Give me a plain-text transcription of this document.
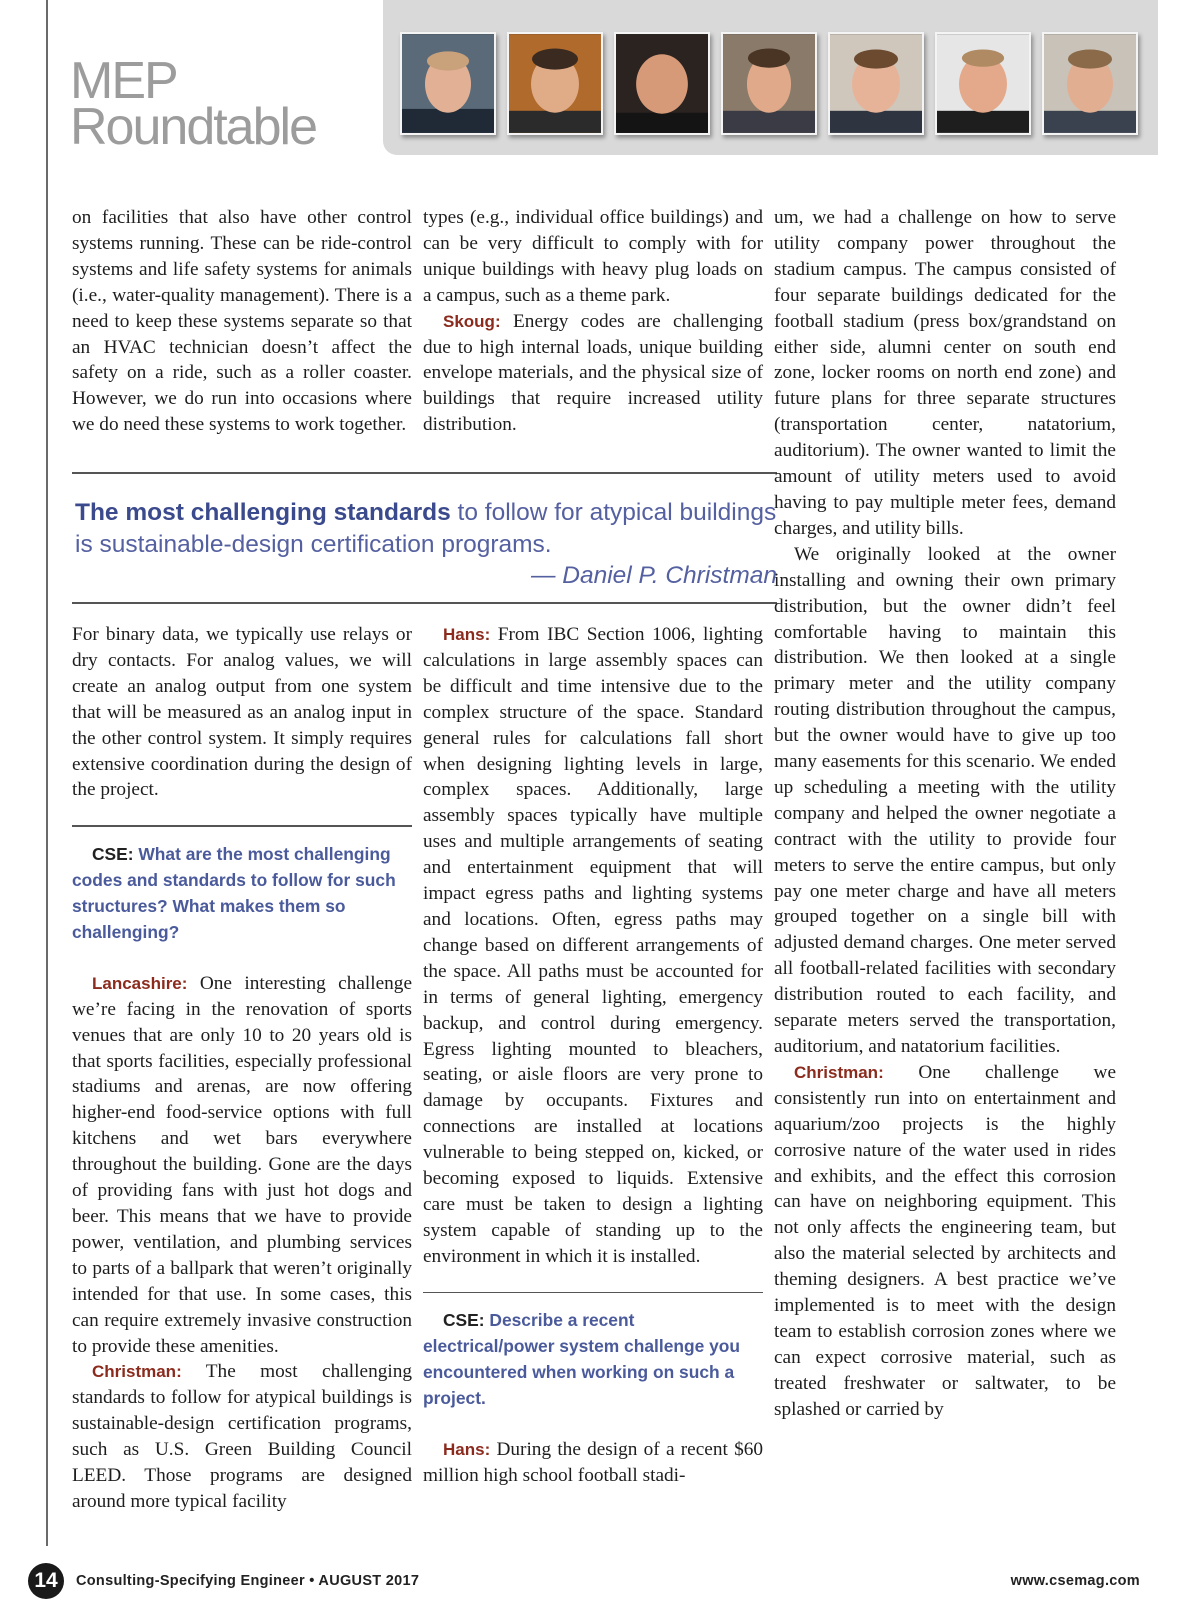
MEP
Roundtable

on facilities that also have other control systems running. These can be ride-control systems and life safety systems for animals (i.e., water-quality management). There is a need to keep these systems separate so that an HVAC technician doesn’t affect the safety on a ride, such as a roller coaster. However, we do run into occasions where we do need these systems to work together.

types (e.g., individual office buildings) and can be very difficult to comply with for unique buildings with heavy plug loads on a campus, such as a theme park.

Skoug: Energy codes are challenging due to high internal loads, unique building envelope materials, and the physical size of buildings that require increased utility distribution.

The most challenging standards to follow for atypical buildings is sustainable-design certification programs.
— Daniel P. Christman

For binary data, we typically use relays or dry contacts. For analog values, we will create an analog output from one system that will be measured as an analog input in the other control system. It simply requires extensive coordination during the design of the project.

CSE: What are the most challenging codes and standards to follow for such structures? What makes them so challenging?

Lancashire: One interesting challenge we’re facing in the renovation of sports venues that are only 10 to 20 years old is that sports facilities, especially professional stadiums and arenas, are now offering higher-end food-service options with full kitchens and wet bars everywhere throughout the building. Gone are the days of providing fans with just hot dogs and beer. This means that we have to provide power, ventilation, and plumbing services to parts of a ballpark that weren’t originally intended for that use. In some cases, this can require extremely invasive construction to provide these amenities.

Christman: The most challenging standards to follow for atypical buildings is sustainable-design certification programs, such as U.S. Green Building Council LEED. Those programs are designed around more typical facility

Hans: From IBC Section 1006, lighting calculations in large assembly spaces can be difficult and time intensive due to the complex structure of the space. Standard general rules for calculations fall short when designing lighting levels in large, complex spaces. Additionally, large assembly spaces typically have multiple uses and multiple arrangements of seating and entertainment equipment that will impact egress paths and lighting systems and locations. Often, egress paths may change based on different arrangements of the space. All paths must be accounted for in terms of general lighting, emergency backup, and control during emergency. Egress lighting mounted to bleachers, seating, or aisle floors are very prone to damage by occupants. Fixtures and connections are installed at locations vulnerable to being stepped on, kicked, or becoming exposed to liquids. Extensive care must be taken to design a lighting system capable of standing up to the environment in which it is installed.

CSE: Describe a recent electrical/power system challenge you encountered when working on such a project.

Hans: During the design of a recent $60 million high school football stadi-

um, we had a challenge on how to serve utility company power throughout the stadium campus. The campus consisted of four separate buildings dedicated for the football stadium (press box/grandstand on either side, alumni center on south end zone, locker rooms on north end zone) and future plans for three separate structures (transportation center, natatorium, auditorium). The owner wanted to limit the amount of utility meters used to avoid having to pay multiple meter fees, demand charges, and utility bills.

We originally looked at the owner installing and owning their own primary distribution, but the owner didn’t feel comfortable having to maintain this distribution. We then looked at a single primary meter and the utility company routing distribution throughout the campus, but the owner would have to give up too many easements for this scenario. We ended up scheduling a meeting with the utility company and helped the owner negotiate a contract with the utility to provide four meters to serve the entire campus, but only pay one meter charge and have all meters grouped together on a single bill with adjusted demand charges. One meter served all football-related facilities with secondary distribution routed to each facility, and separate meters served the transportation, auditorium, and natatorium facilities.

Christman: One challenge we consistently run into on entertainment and aquarium/zoo projects is the highly corrosive nature of the water used in rides and exhibits, and the effect this corrosion can have on neighboring equipment. This not only affects the engineering team, but also the material selected by architects and theming designers. A best practice we’ve implemented is to meet with the design team to establish corrosion zones where we can expect corrosive material, such as treated freshwater or saltwater, to be splashed or carried by

14	Consulting-Specifying Engineer • AUGUST 2017	www.csemag.com
